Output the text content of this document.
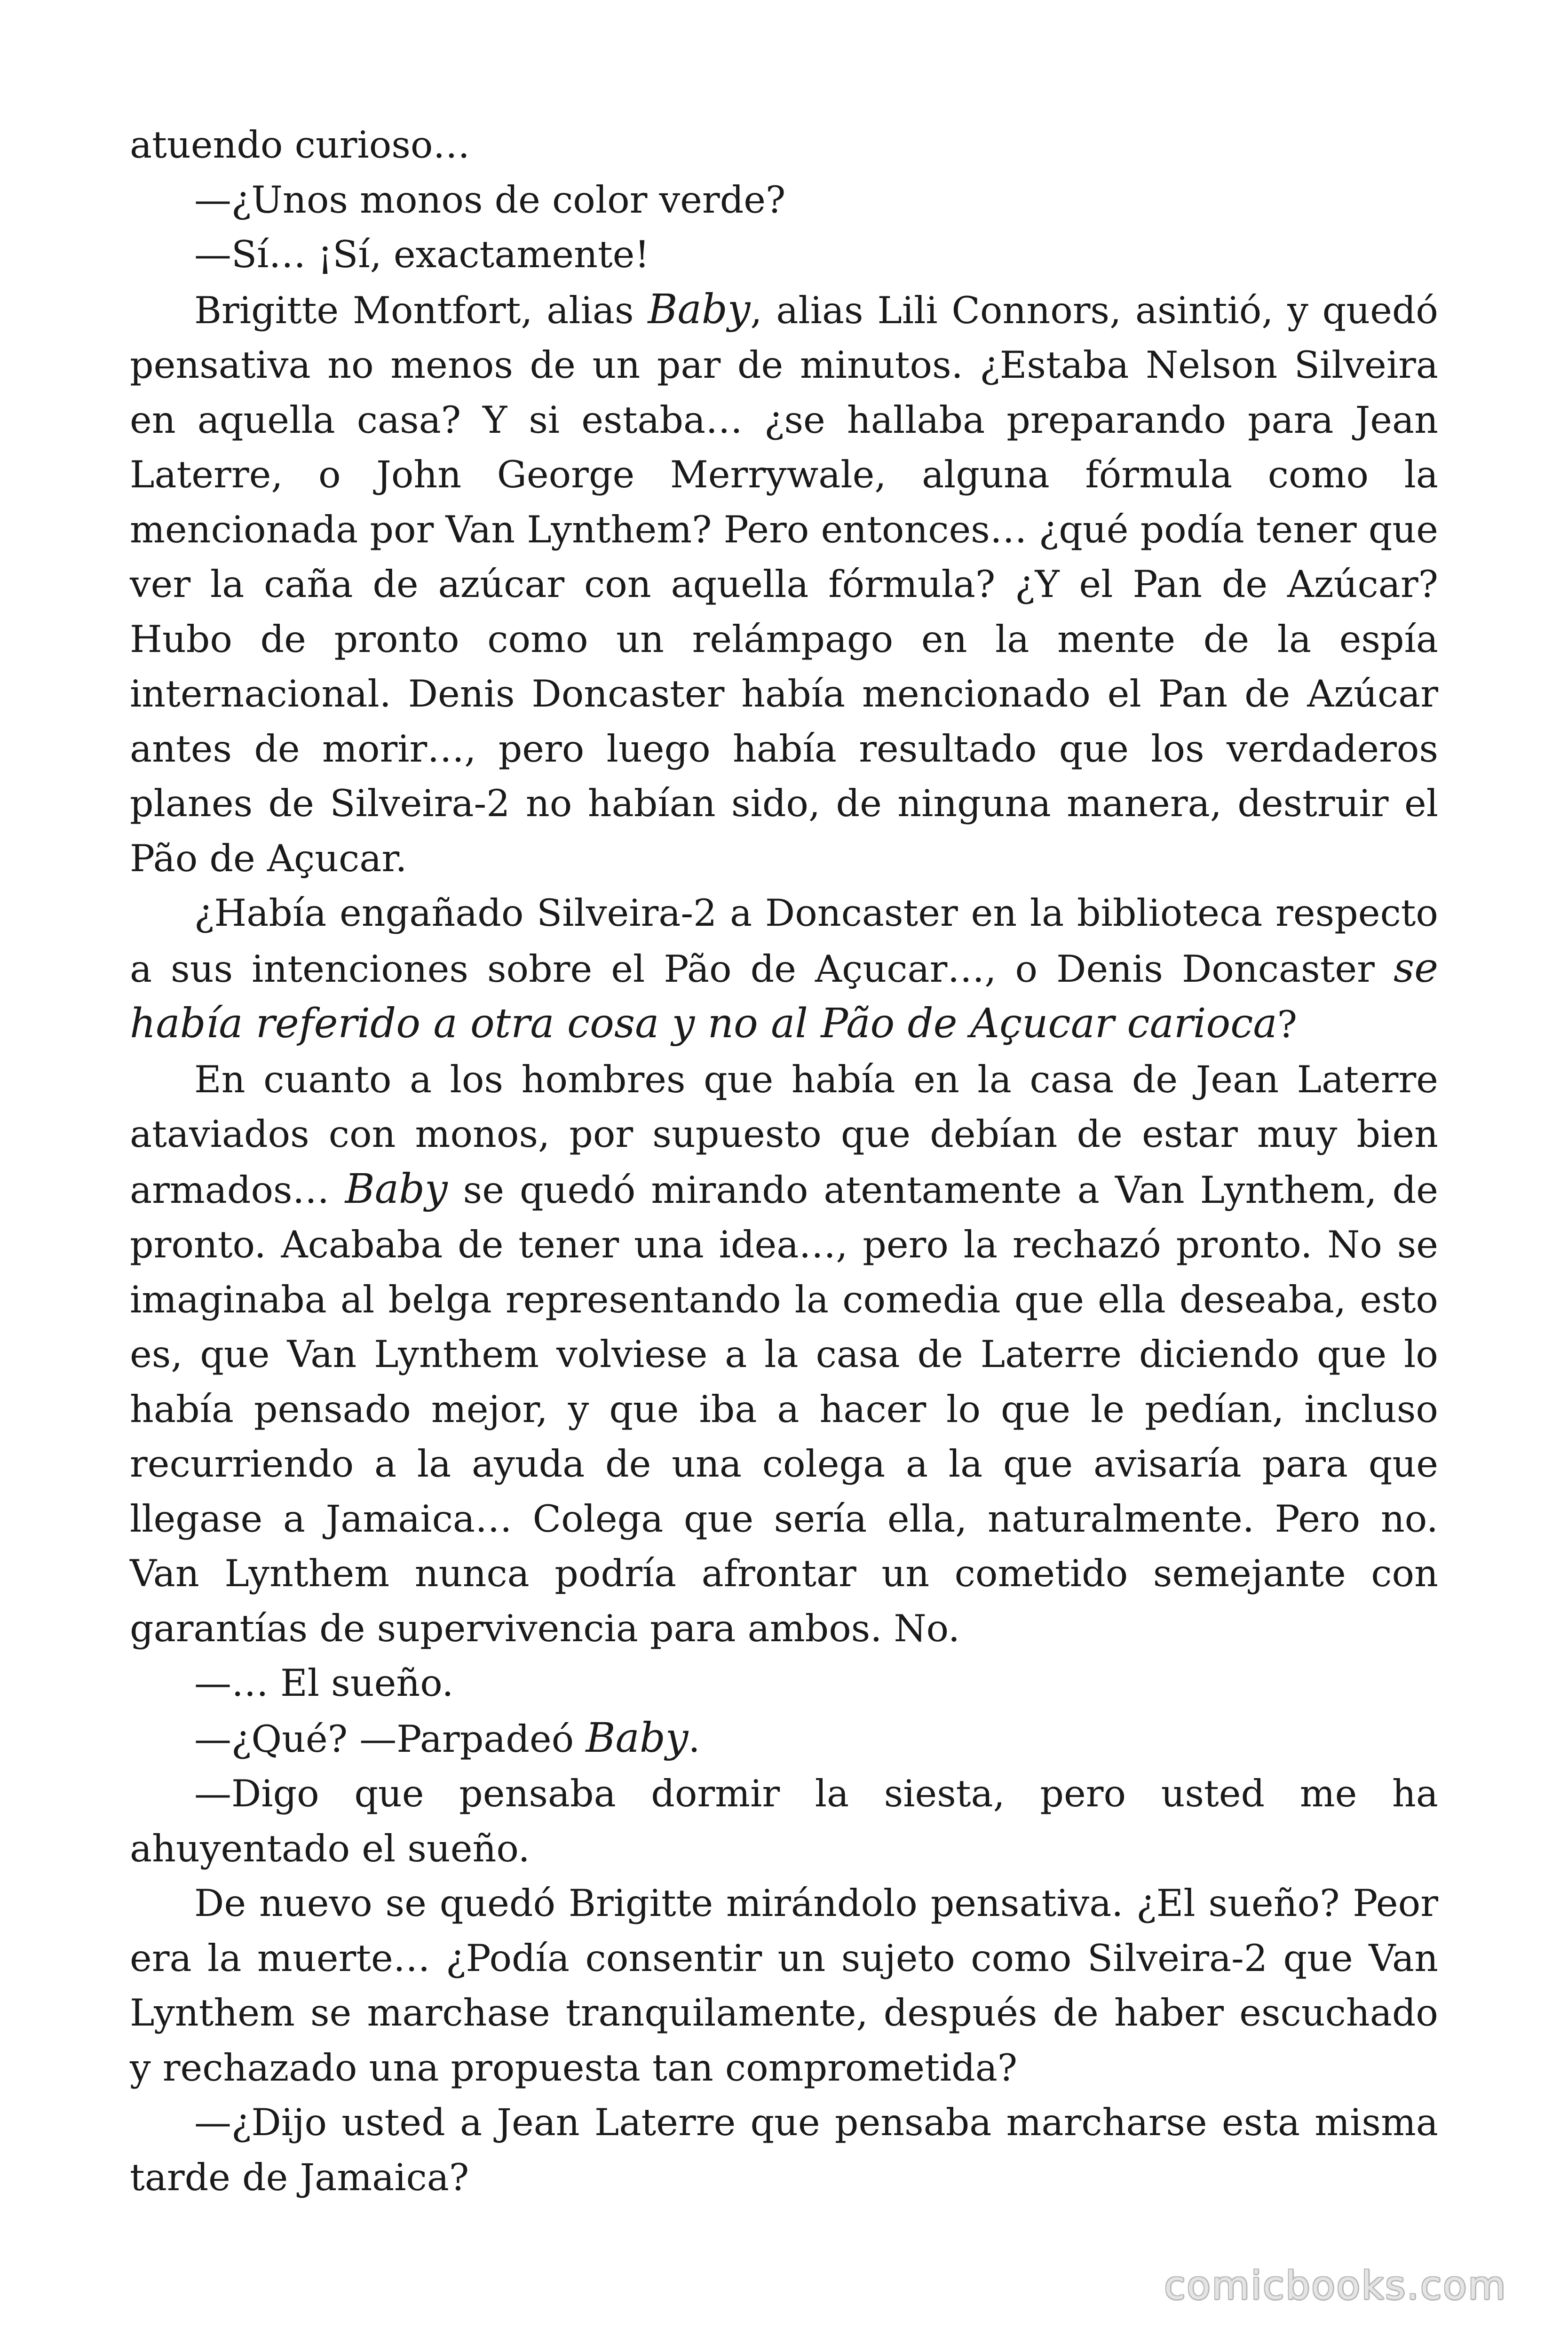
atuendo curioso…

—¿Unos monos de color verde?

—Sí… ¡Sí, exactamente!

Brigitte Montfort, alias Baby, alias Lili Connors, asintió, y quedó pensativa no menos de un par de minutos. ¿Estaba Nelson Silveira en aquella casa? Y si estaba… ¿se hallaba preparando para Jean Laterre, o John George Merrywale, alguna fórmula como la mencionada por Van Lynthem? Pero entonces… ¿qué podía tener que ver la caña de azúcar con aquella fórmula? ¿Y el Pan de Azúcar? Hubo de pronto como un relámpago en la mente de la espía internacional. Denis Doncaster había mencionado el Pan de Azúcar antes de morir…, pero luego había resultado que los verdaderos planes de Silveira-2 no habían sido, de ninguna manera, destruir el Pão de Açucar.

¿Había engañado Silveira-2 a Doncaster en la biblioteca respecto a sus intenciones sobre el Pão de Açucar…, o Denis Doncaster se había referido a otra cosa y no al Pão de Açucar carioca?

En cuanto a los hombres que había en la casa de Jean Laterre ataviados con monos, por supuesto que debían de estar muy bien armados… Baby se quedó mirando atentamente a Van Lynthem, de pronto. Acababa de tener una idea…, pero la rechazó pronto. No se imaginaba al belga representando la comedia que ella deseaba, esto es, que Van Lynthem volviese a la casa de Laterre diciendo que lo había pensado mejor, y que iba a hacer lo que le pedían, incluso recurriendo a la ayuda de una colega a la que avisaría para que llegase a Jamaica… Colega que sería ella, naturalmente. Pero no. Van Lynthem nunca podría afrontar un cometido semejante con garantías de supervivencia para ambos. No.

—… El sueño.

—¿Qué? —Parpadeó Baby.

—Digo que pensaba dormir la siesta, pero usted me ha ahuyentado el sueño.

De nuevo se quedó Brigitte mirándolo pensativa. ¿El sueño? Peor era la muerte… ¿Podía consentir un sujeto como Silveira-2 que Van Lynthem se marchase tranquilamente, después de haber escuchado y rechazado una propuesta tan comprometida?

—¿Dijo usted a Jean Laterre que pensaba marcharse esta misma tarde de Jamaica?

comicbooks.com
